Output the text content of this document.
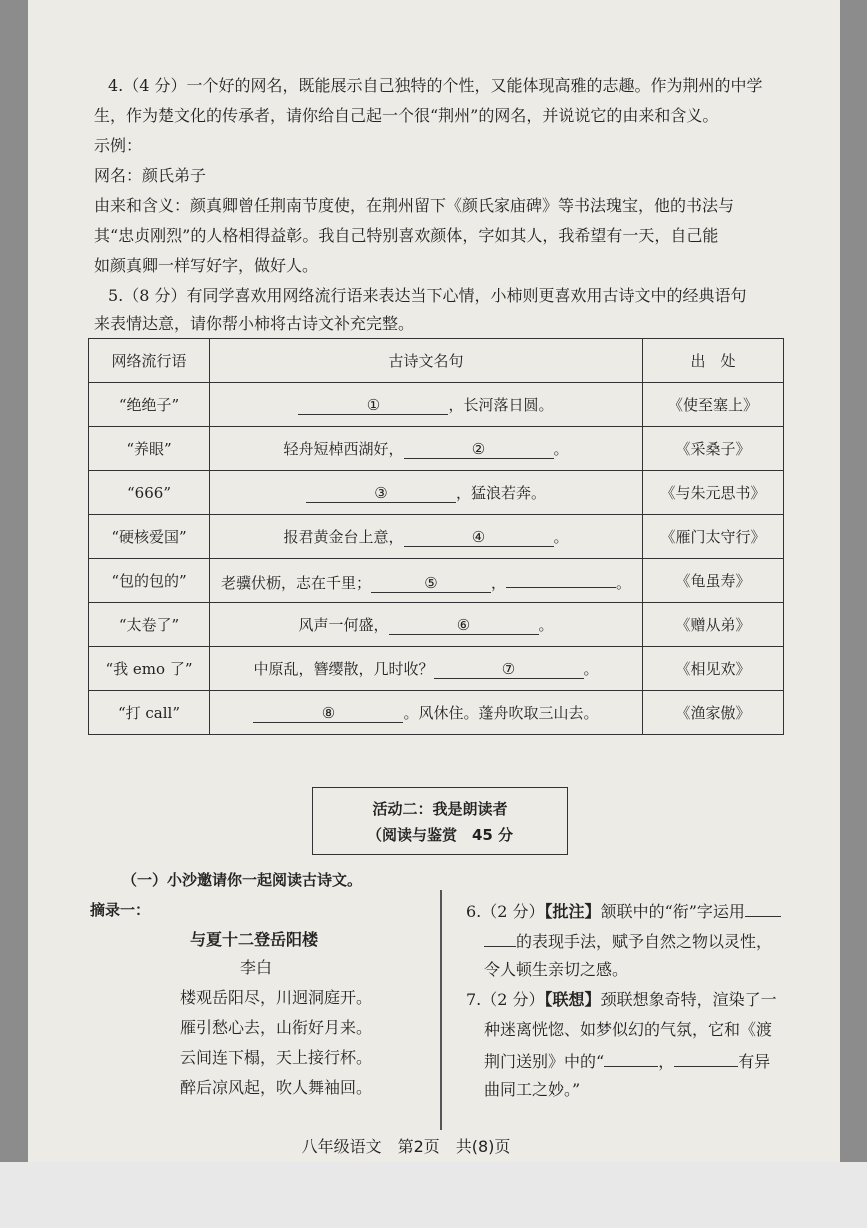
4.（4 分）一个好的网名，既能展示自己独特的个性，又能体现高雅的志趣。作为荆州的中学
生，作为楚文化的传承者，请你给自己起一个很“荆州”的网名，并说说它的由来和含义。
示例：
网名：颜氏弟子
由来和含义：颜真卿曾任荆南节度使，在荆州留下《颜氏家庙碑》等书法瑰宝，他的书法与
其“忠贞刚烈”的人格相得益彰。我自己特别喜欢颜体，字如其人，我希望有一天，自己能
如颜真卿一样写好字，做好人。
5.（8 分）有同学喜欢用网络流行语来表达当下心情，小柿则更喜欢用古诗文中的经典语句
来表情达意，请你帮小柿将古诗文补充完整。
网络流行语	古诗文名句	出　处
“绝绝子”	① ，长河落日圆。	《使至塞上》
“养眼”	轻舟短棹西湖好， ② 。	《采桑子》
“666”	③ ，猛浪若奔。	《与朱元思书》
“硬核爱国”	报君黄金台上意， ④ 。	《雁门太守行》
“包的包的”	老骥伏枥，志在千里； ⑤ ， 。	《龟虽寿》
“太卷了”	风声一何盛， ⑥ 。	《赠从弟》
“我 emo 了”	中原乱，簪缨散，几时收？ ⑦ 。	《相见欢》
“打 call”	⑧ 。风休住。蓬舟吹取三山去。	《渔家傲》
活动二：我是朗读者
（阅读与鉴赏　45 分
（一）小沙邀请你一起阅读古诗文。
摘录一：
与夏十二登岳阳楼
李白
楼观岳阳尽，川迥洞庭开。
雁引愁心去，山衔好月来。
云间连下榻，天上接行杯。
醉后凉风起，吹人舞袖回。
6.（2 分）【批注】颔联中的“衔”字运用
的表现手法，赋予自然之物以灵性，
令人顿生亲切之感。
7.（2 分）【联想】颈联想象奇特，渲染了一
种迷离恍惚、如梦似幻的气氛，它和《渡
荆门送别》中的“	，	有异
曲同工之妙。”
八年级语文　第2页　共(8)页
